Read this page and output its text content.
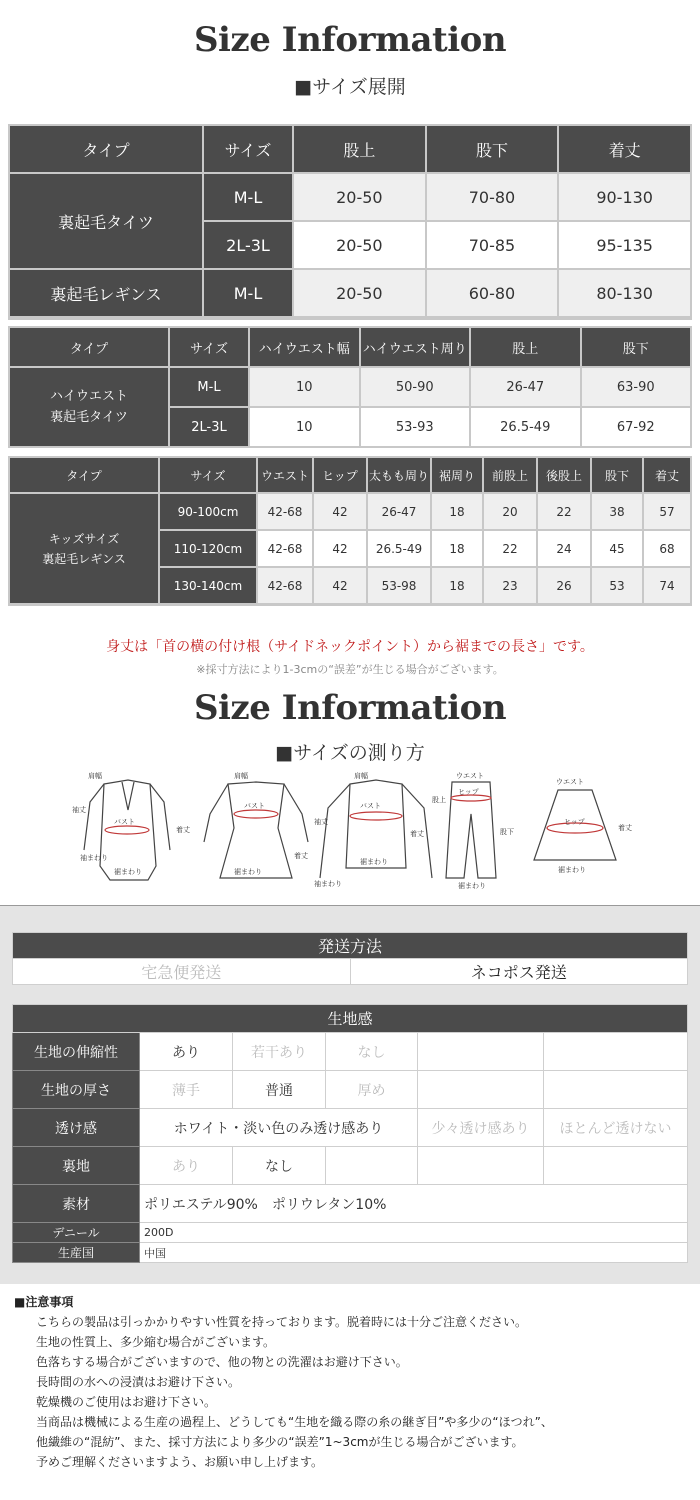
Size Information
■サイズ展開
タイプ	サイズ	股上	股下	着丈
裏起毛タイツ	M-L	20-50	70-80	90-130
	2L-3L	20-50	70-85	95-135
裏起毛レギンス	M-L	20-50	60-80	80-130
タイプ	サイズ	ハイウエスト幅	ハイウエスト周り	股上	股下

ハイウエスト
裏起毛タイツ	M-L	10	50-90	26-47	63-90
	2L-3L	10	53-93	26.5-49	67-92
タイプ	サイズ	ウエスト	ヒップ	太もも周り	裾周り	前股上	後股上	股下	着丈

キッズサイズ
裏起毛レギンス	90-100cm	42-68	42	26-47	18	20	22	38	57
	110-120cm	42-68	42	26.5-49	18	22	24	45	68
	130-140cm	42-68	42	53-98	18	23	26	53	74
身丈は「首の横の付け根（サイドネックポイント）から裾までの長さ」です。
※採寸方法により1-3cmの“誤差”が生じる場合がございます。
Size Information
■サイズの測り方
肩幅
袖丈
バスト
着丈
袖まわり
裾まわり
肩幅
バスト
着丈
裾まわり
肩幅
バスト
着丈
袖丈
袖まわり
裾まわり
ウエスト
ヒップ
股上
股下
裾まわり
ウエスト
ヒップ
着丈
裾まわり
発送方法
宅急便発送	ネコポス発送
生地感					
生地の伸縮性	あり	若干あり	なし		
生地の厚さ	薄手	普通	厚め		
透け感	ホワイト・淡い色のみ透け感あり			少々透け感あり	ほとんど透けない
裏地	あり	なし			
素材	ポリエステル90%　ポリウレタン10%				
デニール	200D				
生産国	中国				
■注意事項
こちらの製品は引っかかりやすい性質を持っております。脱着時には十分ご注意ください。
生地の性質上、多少縮む場合がございます。
色落ちする場合がございますので、他の物との洗濯はお避け下さい。
長時間の水への浸漬はお避け下さい。
乾燥機のご使用はお避け下さい。
当商品は機械による生産の過程上、どうしても“生地を織る際の糸の継ぎ目”や多少の“ほつれ”、
他繊維の“混紡”、また、採寸方法により多少の“誤差”1~3cmが生じる場合がございます。
予めご理解くださいますよう、お願い申し上げます。
